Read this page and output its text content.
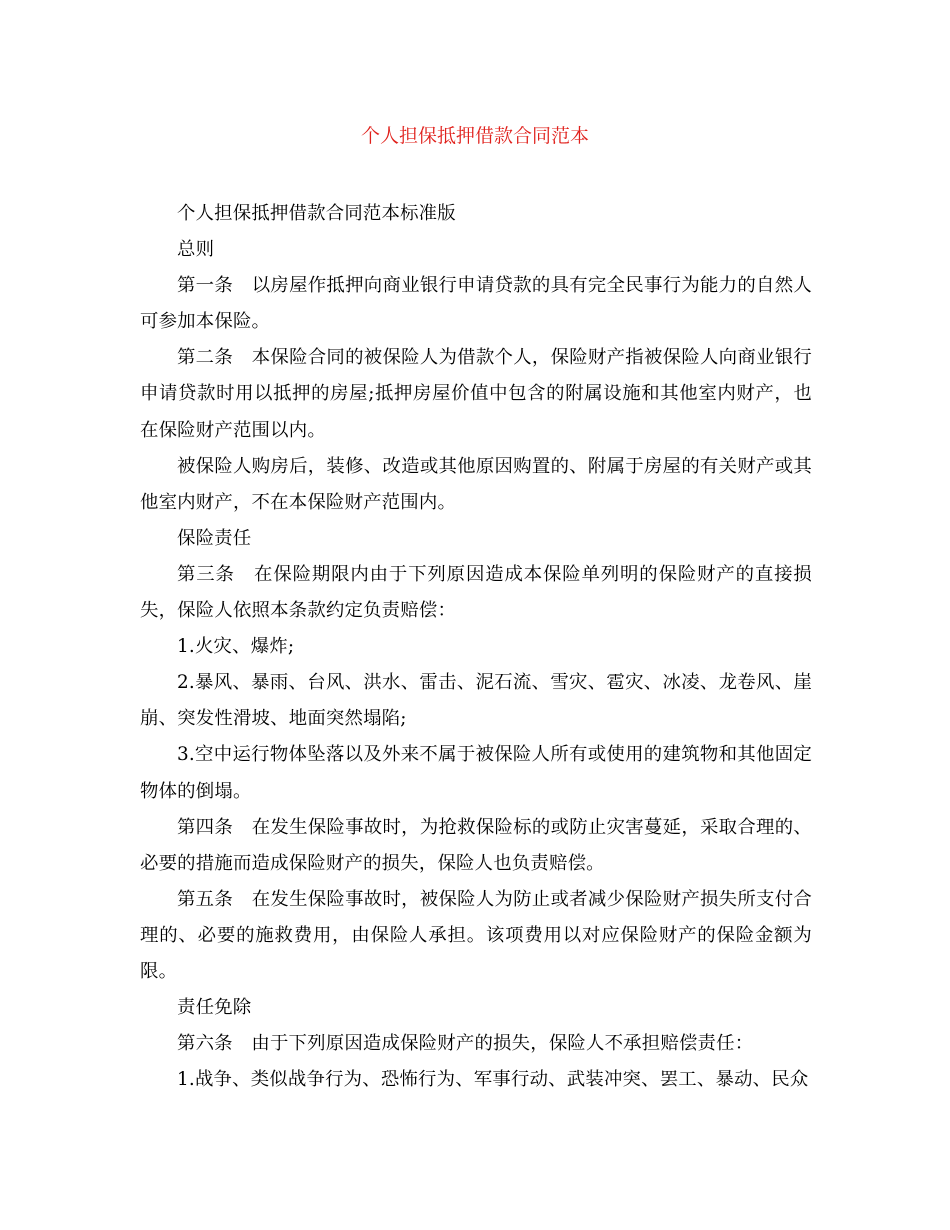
个人担保抵押借款合同范本

个人担保抵押借款合同范本标准版

总则

第一条　以房屋作抵押向商业银行申请贷款的具有完全民事行为能力的自然人可参加本保险。

第二条　本保险合同的被保险人为借款个人，保险财产指被保险人向商业银行申请贷款时用以抵押的房屋;抵押房屋价值中包含的附属设施和其他室内财产，也在保险财产范围以内。

被保险人购房后，装修、改造或其他原因购置的、附属于房屋的有关财产或其他室内财产，不在本保险财产范围内。

保险责任

第三条　在保险期限内由于下列原因造成本保险单列明的保险财产的直接损失，保险人依照本条款约定负责赔偿：

1.火灾、爆炸;

2.暴风、暴雨、台风、洪水、雷击、泥石流、雪灾、雹灾、冰凌、龙卷风、崖崩、突发性滑坡、地面突然塌陷;

3.空中运行物体坠落以及外来不属于被保险人所有或使用的建筑物和其他固定物体的倒塌。

第四条　在发生保险事故时，为抢救保险标的或防止灾害蔓延，采取合理的、必要的措施而造成保险财产的损失，保险人也负责赔偿。

第五条　在发生保险事故时，被保险人为防止或者减少保险财产损失所支付合理的、必要的施救费用，由保险人承担。该项费用以对应保险财产的保险金额为限。

责任免除

第六条　由于下列原因造成保险财产的损失，保险人不承担赔偿责任：

1.战争、类似战争行为、恐怖行为、军事行动、武装冲突、罢工、暴动、民众
